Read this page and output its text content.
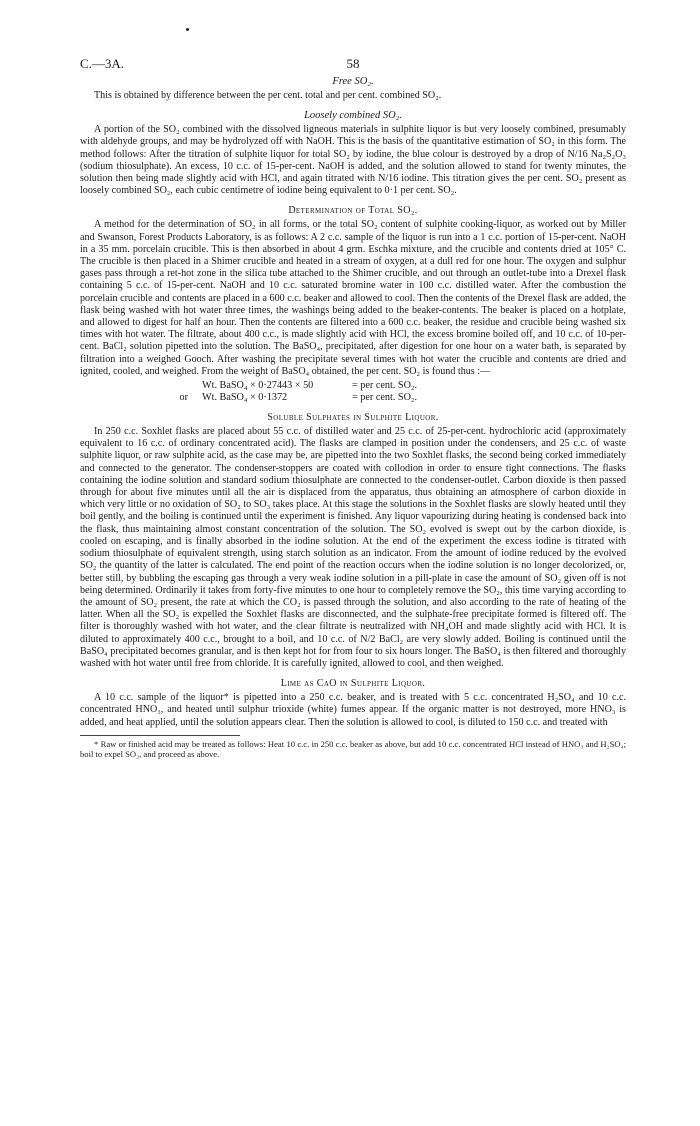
C.—3A.	58
Free SO₂.

This is obtained by difference between the per cent. total and per cent. combined SO₂.

Loosely combined SO₂.

A portion of the SO₂ combined with the dissolved ligneous materials in sulphite liquor is but very loosely combined, presumably with aldehyde groups, and may be hydrolyzed off with NaOH. This is the basis of the quantitative estimation of SO₂ in this form. The method follows: After the titration of sulphite liquor for total SO₂ by iodine, the blue colour is destroyed by a drop of N/16 Na₂S₂O₃ (sodium thiosulphate). An excess, 10 c.c. of 15-per-cent. NaOH is added, and the solution allowed to stand for twenty minutes, the solution then being made slightly acid with HCl, and again titrated with N/16 iodine. This titration gives the per cent. SO₂ present as loosely combined SO₂, each cubic centimetre of iodine being equivalent to 0·1 per cent. SO₂.

Determination of Total SO₂.

A method for the determination of SO₂ in all forms, or the total SO₂ content of sulphite cooking-liquor, as worked out by Miller and Swanson, Forest Products Laboratory, is as follows: A 2 c.c. sample of the liquor is run into a 1 c.c. portion of 15-per-cent. NaOH in a 35 mm. porcelain crucible. This is then absorbed in about 4 grm. Eschka mixture, and the crucible and contents dried at 105° C. The crucible is then placed in a Shimer crucible and heated in a stream of oxygen, at a dull red for one hour. The oxygen and sulphur gases pass through a ret-hot zone in the silica tube attached to the Shimer crucible, and out through an outlet-tube into a Drexel flask containing 5 c.c. of 15-per-cent. NaOH and 10 c.c. saturated bromine water in 100 c.c. distilled water. After the combustion the porcelain crucible and contents are placed in a 600 c.c. beaker and allowed to cool. Then the contents of the Drexel flask are added, the flask being washed with hot water three times, the washings being added to the beaker-contents. The beaker is placed on a hotplate, and allowed to digest for half an hour. Then the contents are filtered into a 600 c.c. beaker, the residue and crucible being washed six times with hot water. The filtrate, about 400 c.c., is made slightly acid with HCl, the excess bromine boiled off, and 10 c.c. of 10-per-cent. BaCl₂ solution pipetted into the solution. The BaSO₄, precipitated, after digestion for one hour on a water bath, is separated by filtration into a weighed Gooch. After washing the precipitate several times with hot water the crucible and contents are dried and ignited, cooled, and weighed. From the weight of BaSO₄ obtained, the per cent. SO₂ is found thus :—

Wt. BaSO₄ × 0·27443 × 50	= per cent. SO₂.
or	Wt. BaSO₄ × 0·1372	= per cent. SO₂.
Soluble Sulphates in Sulphite Liquor.

In 250 c.c. Soxhlet flasks are placed about 55 c.c. of distilled water and 25 c.c. of 25-per-cent. hydrochloric acid (approximately equivalent to 16 c.c. of ordinary concentrated acid). The flasks are clamped in position under the condensers, and 25 c.c. of waste sulphite liquor, or raw sulphite acid, as the case may be, are pipetted into the two Soxhlet flasks, the second being corked immediately and connected to the generator. The condenser-stoppers are coated with collodion in order to ensure tight connections. The flasks containing the iodine solution and standard sodium thiosulphate are connected to the condenser-outlet. Carbon dioxide is then passed through for about five minutes until all the air is displaced from the apparatus, thus obtaining an atmosphere of carbon dioxide in which very little or no oxidation of SO₂ to SO₃ takes place. At this stage the solutions in the Soxhlet flasks are slowly heated until they boil gently, and the boiling is continued until the experiment is finished. Any liquor vapourizing during heating is condensed back into the flask, thus maintaining almost constant concentration of the solution. The SO₂ evolved is swept out by the carbon dioxide, is cooled on escaping, and is finally absorbed in the iodine solution. At the end of the experiment the excess iodine is titrated with sodium thiosulphate of equivalent strength, using starch solution as an indicator. From the amount of iodine reduced by the evolved SO₂ the quantity of the latter is calculated. The end point of the reaction occurs when the iodine solution is no longer decolorized, or, better still, by bubbling the escaping gas through a very weak iodine solution in a pill-plate in case the amount of SO₂ given off is not being determined. Ordinarily it takes from forty-five minutes to one hour to completely remove the SO₂, this time varying according to the amount of SO₂ present, the rate at which the CO₂ is passed through the solution, and also according to the rate of heating of the latter. When all the SO₂ is expelled the Soxhlet flasks are disconnected, and the sulphate-free precipitate formed is filtered off. The filter is thoroughly washed with hot water, and the clear filtrate is neutralized with NH₄OH and made slightly acid with HCl. It is diluted to approximately 400 c.c., brought to a boil, and 10 c.c. of N/2 BaCl₂ are very slowly added. Boiling is continued until the BaSO₄ precipitated becomes granular, and is then kept hot for from four to six hours longer. The BaSO₄ is then filtered and thoroughly washed with hot water until free from chloride. It is carefully ignited, allowed to cool, and then weighed.

Lime as CaO in Sulphite Liquor.

A 10 c.c. sample of the liquor* is pipetted into a 250 c.c. beaker, and is treated with 5 c.c. concentrated H₂SO₄ and 10 c.c. concentrated HNO₃, and heated until sulphur trioxide (white) fumes appear. If the organic matter is not destroyed, more HNO₃ is added, and heat applied, until the solution appears clear. Then the solution is allowed to cool, is diluted to 150 c.c. and treated with

* Raw or finished acid may be treated as follows: Heat 10 c.c. in 250 c.c. beaker as above, but add 10 c.c. concentrated HCl instead of HNO₃ and H₂SO₄; boil to expel SO₂, and proceed as above.
